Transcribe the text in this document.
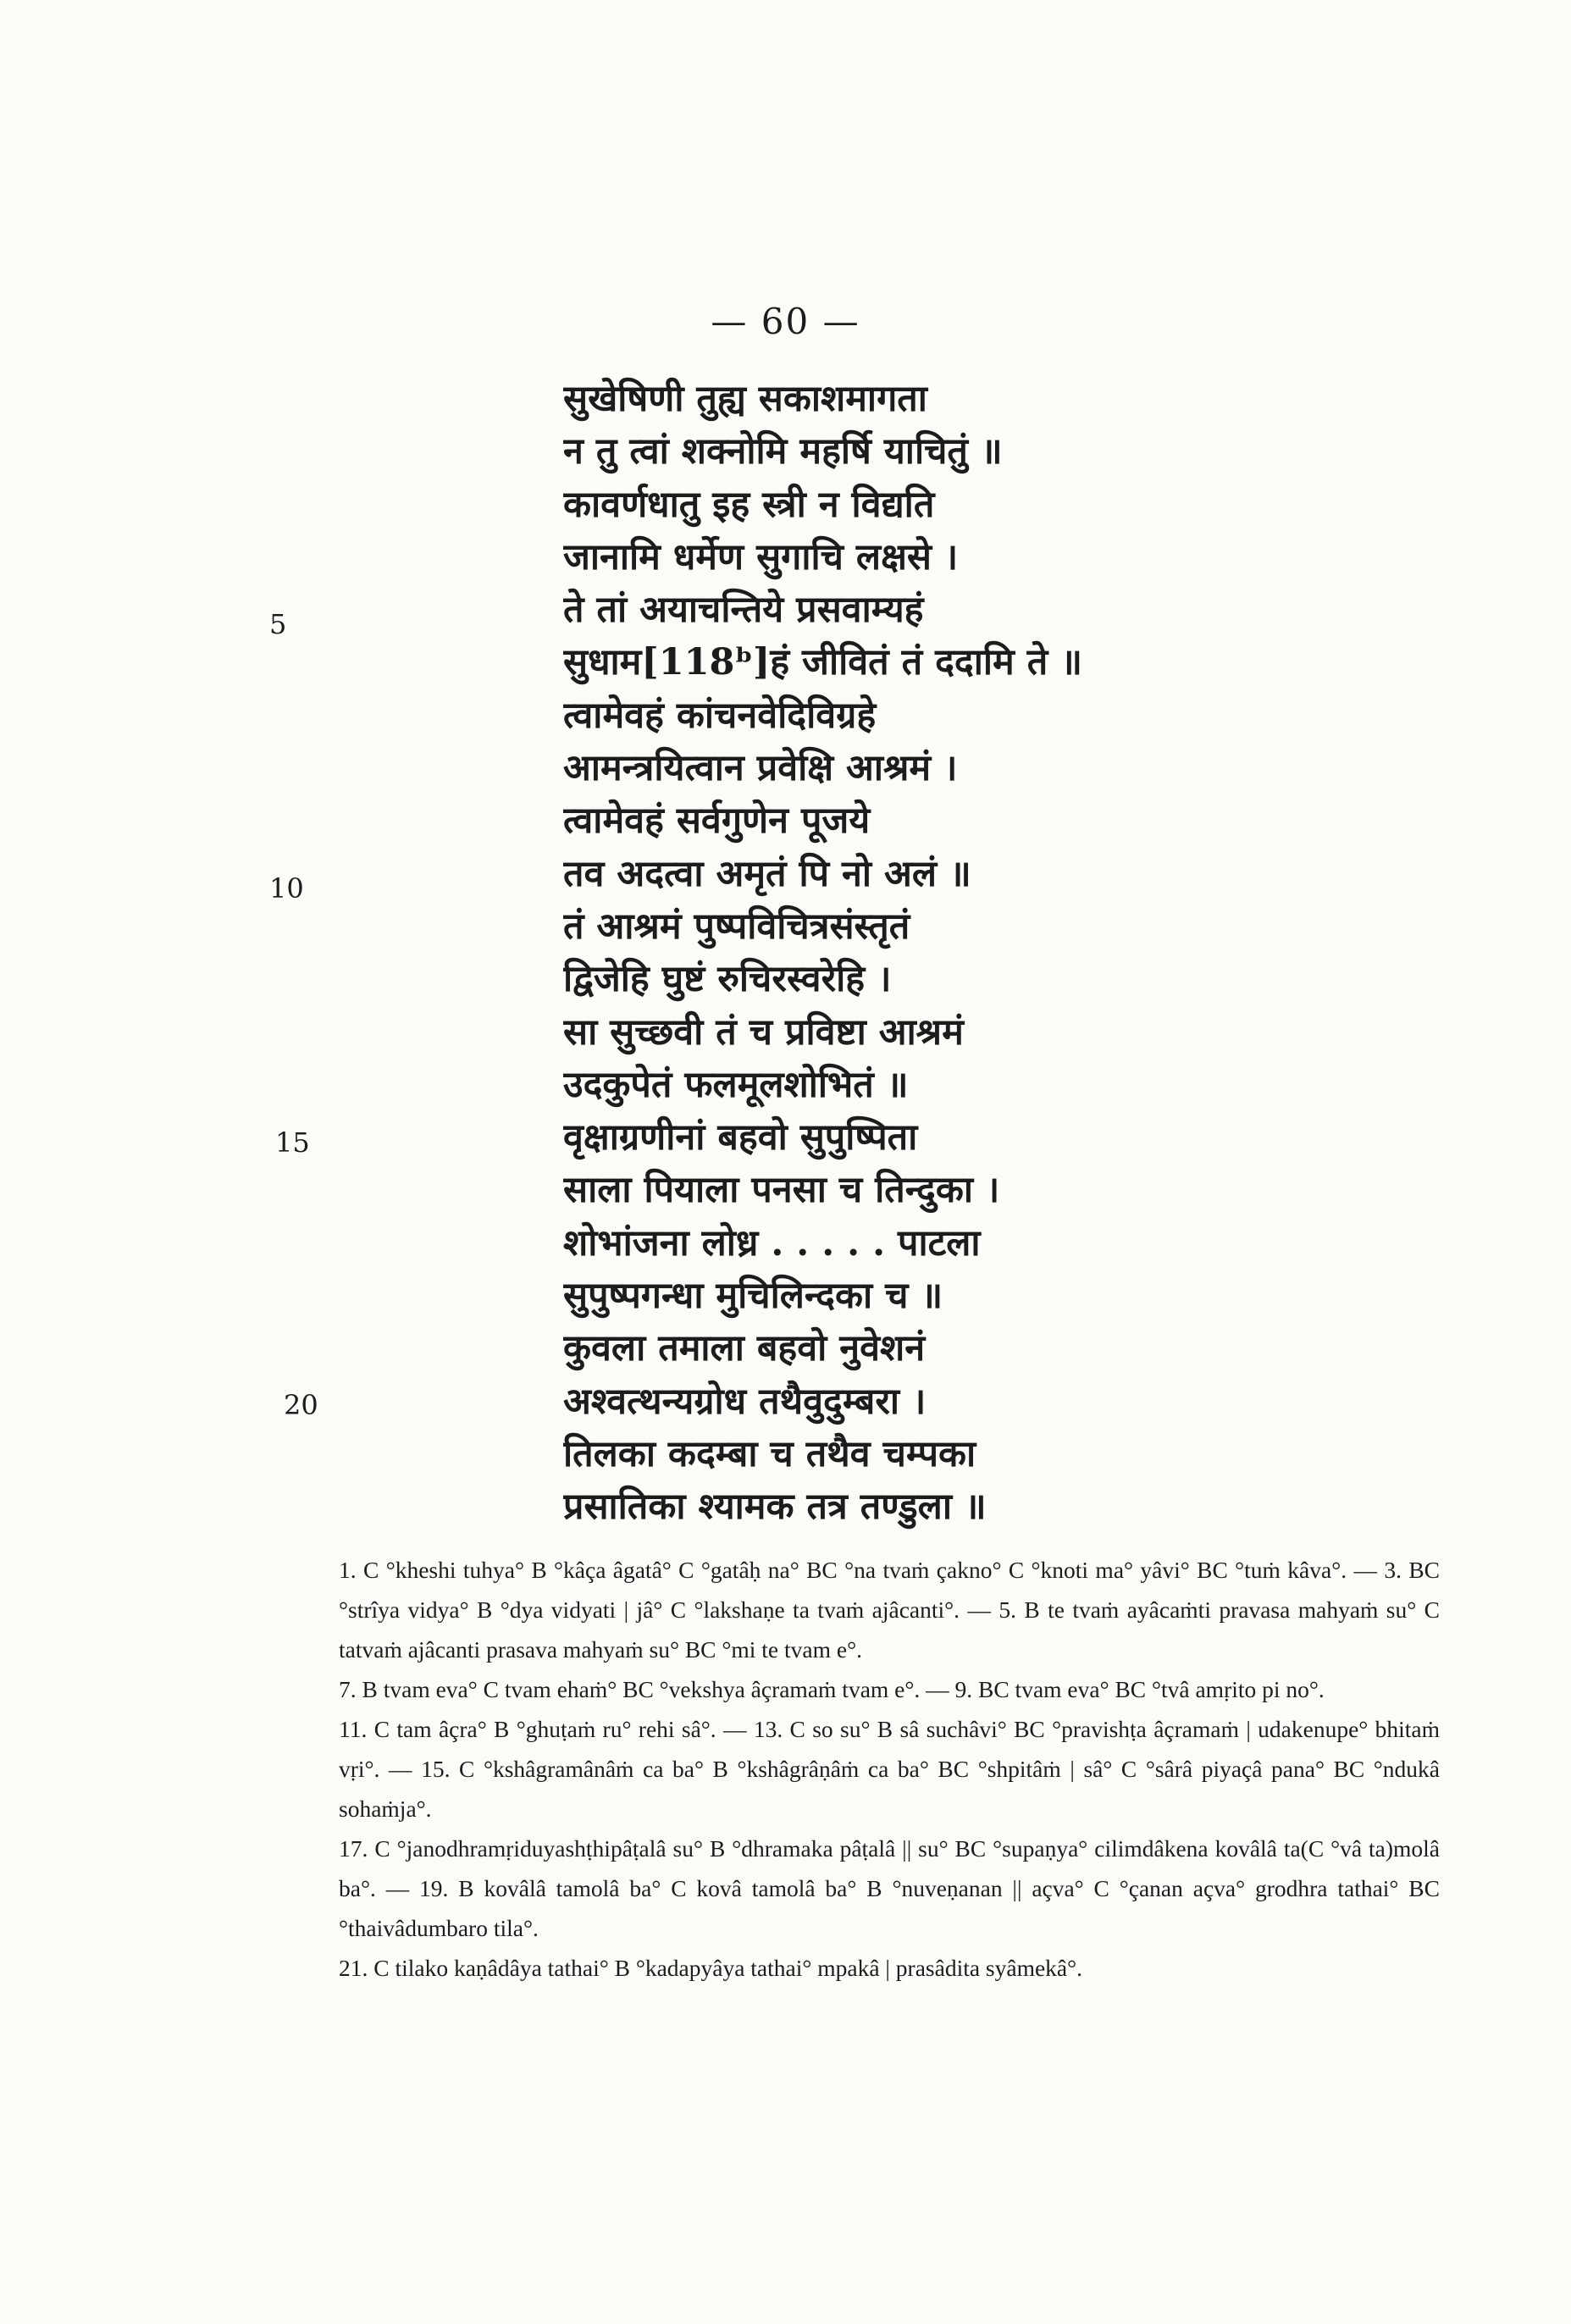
— 60 —
सुखेषिणी तुह्य सकाशमागता
न तु त्वां शक्नोमि महर्षि याचितुं ॥
कावर्णधातु इह स्त्री न विद्यति
जानामि धर्मेण सुगाचि लक्षसे ।
ते तां अयाचन्तिये प्रसवाम्यहं
सुधाम[118ᵇ]हं जीवितं तं ददामि ते ॥
त्वामेवहं कांचनवेदिविग्रहे
आमन्त्रयित्वान प्रवेक्षि आश्रमं ।
त्वामेवहं सर्वगुणेन पूजये
तव अदत्वा अमृतं पि नो अलं ॥
तं आश्रमं पुष्पविचित्रसंस्तृतं
द्विजेहि घुष्टं रुचिरस्वरेहि ।
सा सुच्छवी तं च प्रविष्टा आश्रमं
उदकुपेतं फलमूलशोभितं ॥
वृक्षाग्रणीनां बहवो सुपुष्पिता
साला पियाला पनसा च तिन्दुका ।
शोभांजना लोध्र . . . . . पाटला
सुपुष्पगन्धा मुचिलिन्दका च ॥
कुवला तमाला बहवो नुवेशनं
अश्वत्थन्यग्रोध तथैवुदुम्बरा ।
तिलका कदम्बा च तथैव चम्पका
प्रसातिका श्यामक तत्र तण्डुला ॥
5
10
15
20

1. C °kheshi tuhya° B °kâça âgatâ° C °gatâḥ na° BC °na tvaṁ çakno° C °knoti ma° yâvi° BC °tuṁ kâva°. — 3. BC °strîya vidya° B °dya vidyati | jâ° C °lakshaṇe ta tvaṁ ajâcanti°. — 5. B te tvaṁ ayâcaṁti pravasa mahyaṁ su° C tatvaṁ ajâcanti prasava mahyaṁ su° BC °mi te tvam e°.

7. B tvam eva° C tvam ehaṁ° BC °vekshya âçramaṁ tvam e°. — 9. BC tvam eva° BC °tvâ amṛito pi no°.

11. C tam âçra° B °ghuṭaṁ ru° rehi sâ°. — 13. C so su° B sâ suchâvi° BC °pravishṭa âçramaṁ | udakenupe° bhitaṁ vṛi°. — 15. C °kshâgramânâṁ ca ba° B °kshâgrâṇâṁ ca ba° BC °shpitâṁ | sâ° C °sârâ piyaçâ pana° BC °ndukâ sohaṁja°.

17. C °janodhramṛiduyashṭhipâṭalâ su° B °dhramaka pâṭalâ || su° BC °supaṇya° cilimdâkena kovâlâ ta(C °vâ ta)molâ ba°. — 19. B kovâlâ tamolâ ba° C kovâ tamolâ ba° B °nuveṇanan || açva° C °çanan açva° grodhra tathai° BC °thaivâdumbaro tila°.

21. C tilako kaṇâdâya tathai° B °kadapyâya tathai° mpakâ | prasâdita syâmekâ°.
